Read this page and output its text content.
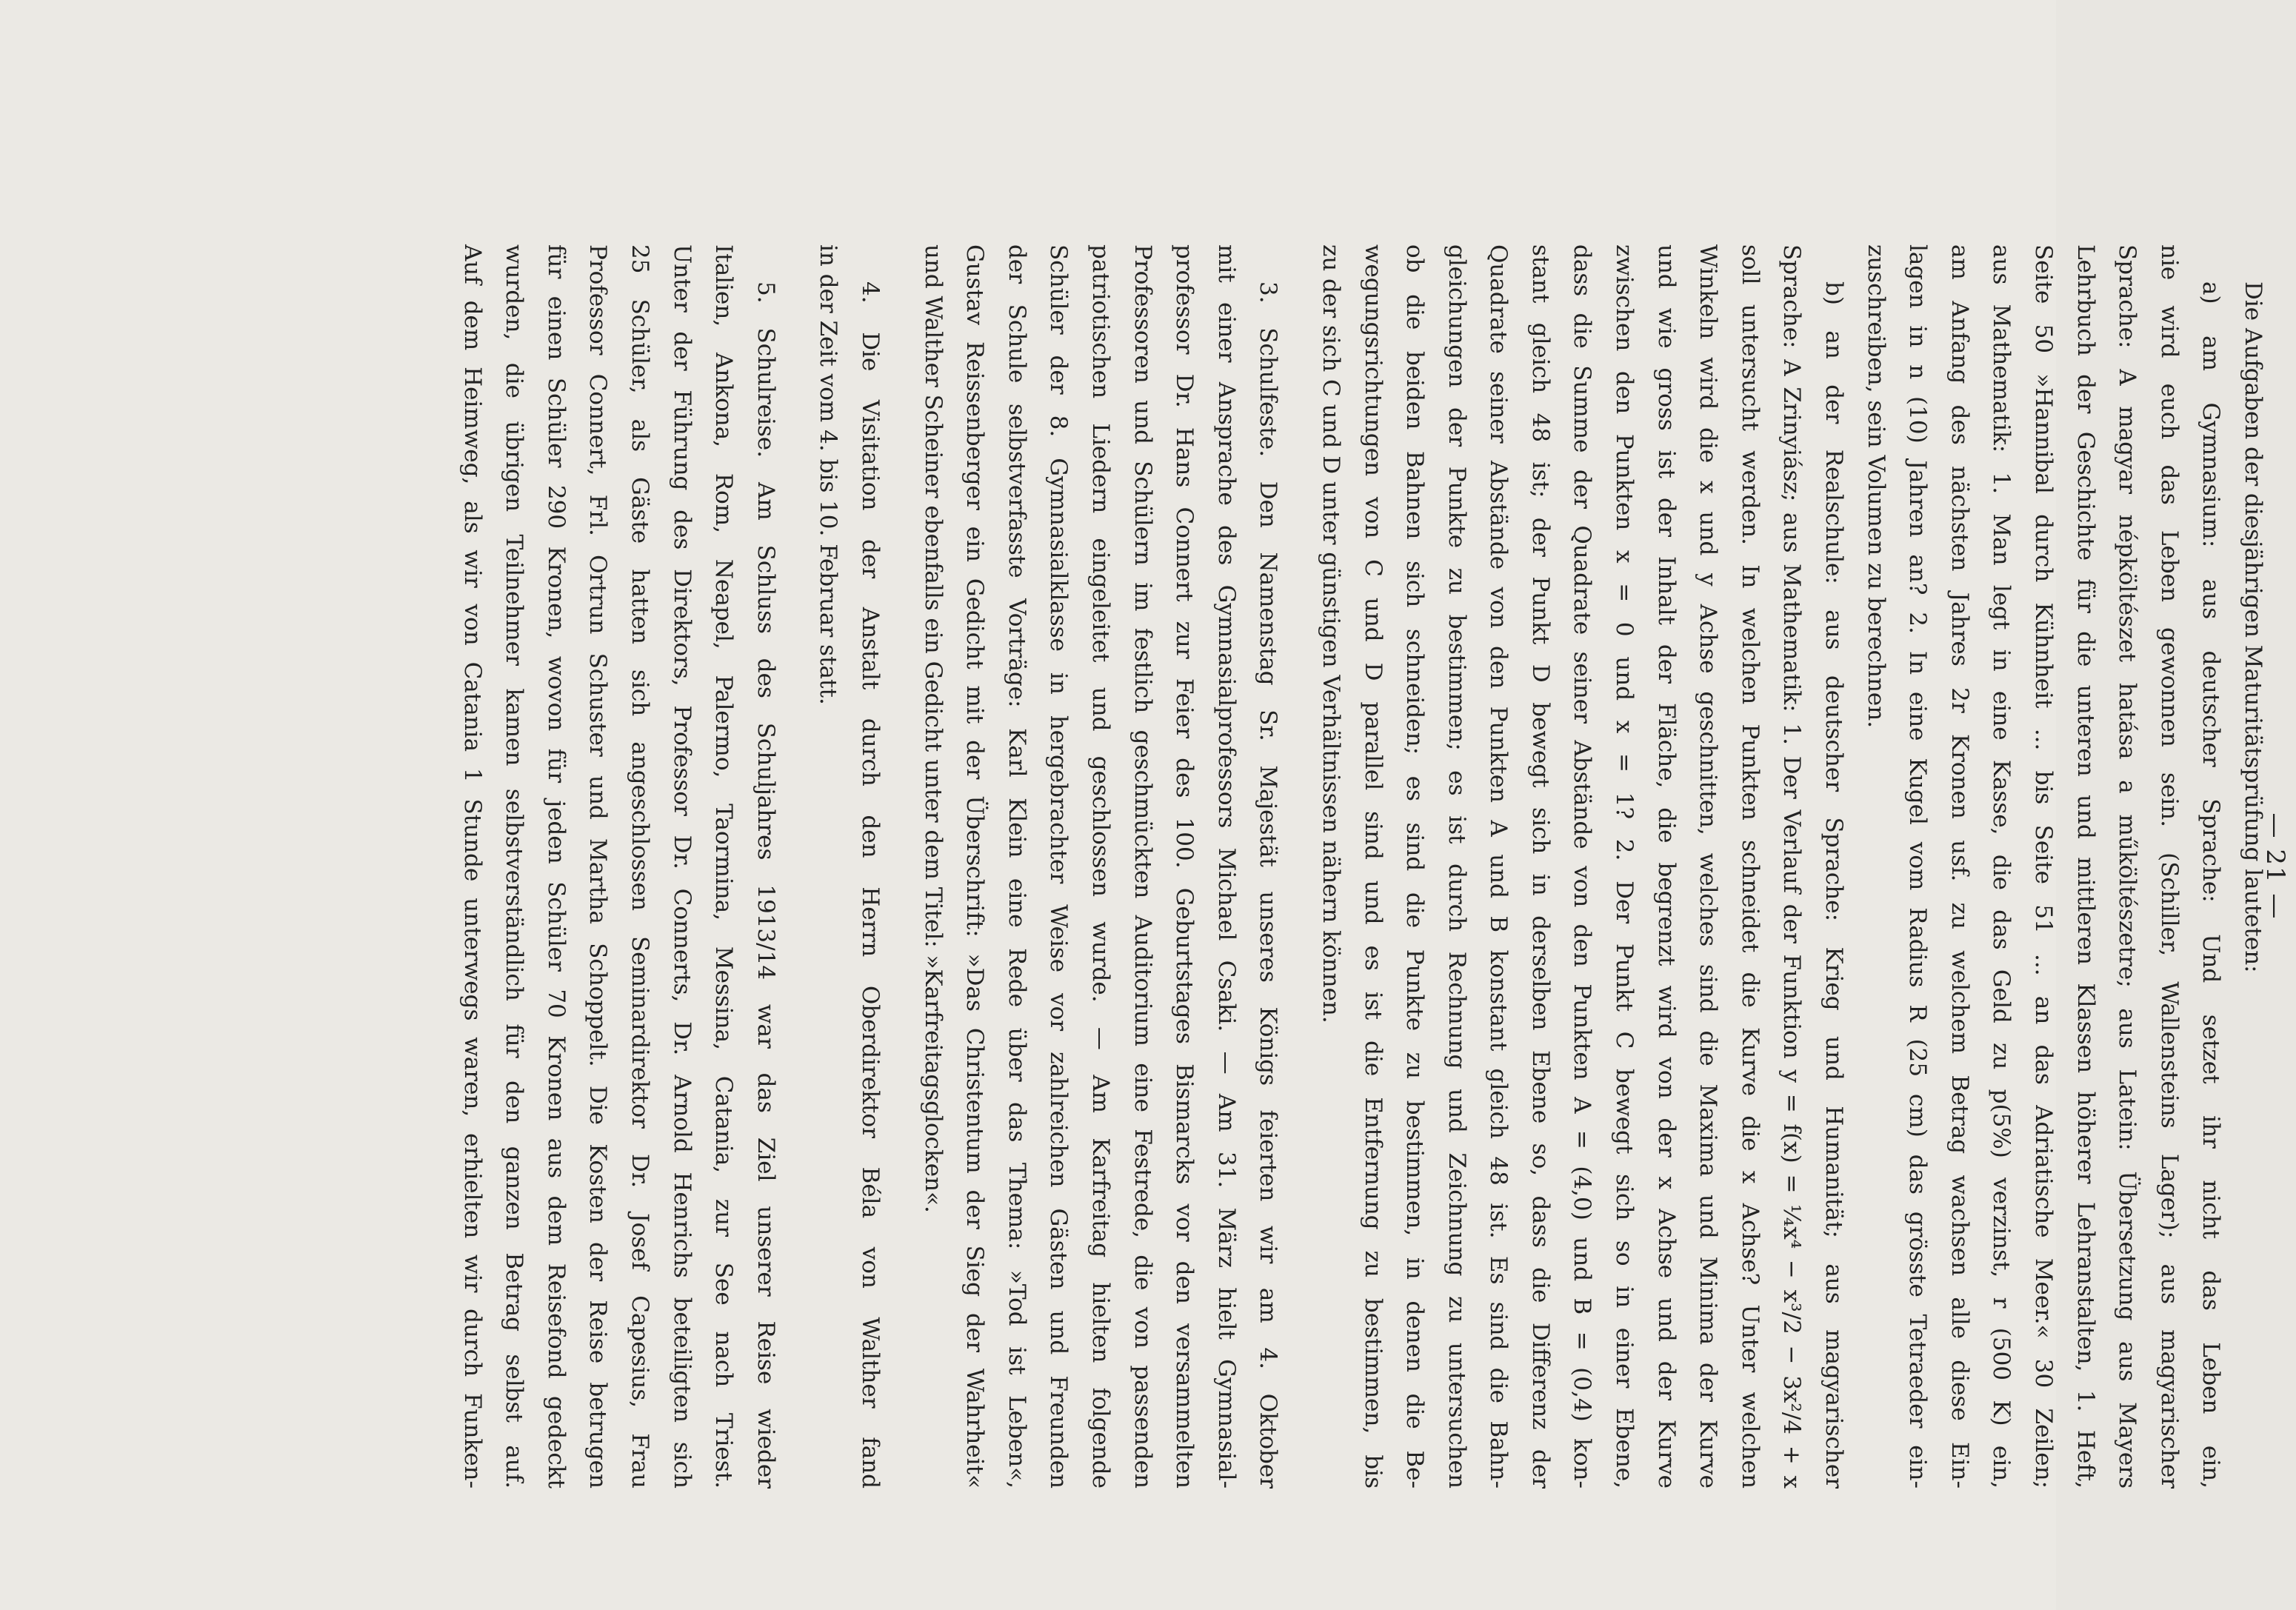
— 21 —
Die Aufgaben der diesjährigen Maturitätsprüfung lauteten:
a) am Gymnasium: aus deutscher Sprache: Und setzet ihr nicht das Leben ein,
nie wird euch das Leben gewonnen sein. (Schiller, Wallensteins Lager); aus magyarischer
Sprache: A magyar népköltészet hatása a műköltészetre; aus Latein: Übersetzung aus Mayers
Lehrbuch der Geschichte für die unteren und mittleren Klassen höherer Lehranstalten, 1. Heft,
Seite 50 »Hannibal durch Kühnheit ... bis Seite 51 ... an das Adriatische Meer.« 30 Zeilen;
aus Mathematik: 1. Man legt in eine Kasse, die das Geld zu p(5%) verzinst, r (500 K) ein,
am Anfang des nächsten Jahres 2r Kronen usf. zu welchem Betrag wachsen alle diese Ein-
lagen in n (10) Jahren an? 2. In eine Kugel vom Radius R (25 cm) das grösste Tetraeder ein-
zuschreiben, sein Volumen zu berechnen.
b) an der Realschule: aus deutscher Sprache: Krieg und Humanität; aus magyarischer
Sprache: A Zrinyiász; aus Mathematik: 1. Der Verlauf der Funktion y = f(x) = ¼x⁴ − x³/2 − 3x²/4 + x
soll untersucht werden. In welchen Punkten schneidet die Kurve die x Achse? Unter welchen
Winkeln wird die x und y Achse geschnitten, welches sind die Maxima und Minima der Kurve
und wie gross ist der Inhalt der Fläche, die begrenzt wird von der x Achse und der Kurve
zwischen den Punkten x = 0 und x = 1? 2. Der Punkt C bewegt sich so in einer Ebene,
dass die Summe der Quadrate seiner Abstände von den Punkten A = (4,0) und B = (0,4) kon-
stant gleich 48 ist; der Punkt D bewegt sich in derselben Ebene so, dass die Differenz der
Quadrate seiner Abstände von den Punkten A und B konstant gleich 48 ist. Es sind die Bahn-
gleichungen der Punkte zu bestimmen; es ist durch Rechnung und Zeichnung zu untersuchen
ob die beiden Bahnen sich schneiden; es sind die Punkte zu bestimmen, in denen die Be-
wegungsrichtungen von C und D parallel sind und es ist die Entfernung zu bestimmen, bis
zu der sich C und D unter günstigen Verhältnissen nähern können.
3. Schulfeste. Den Namenstag Sr. Majestät unseres Königs feierten wir am 4. Oktober
mit einer Ansprache des Gymnasialprofessors Michael Csaki. — Am 31. März hielt Gymnasial-
professor Dr. Hans Connert zur Feier des 100. Geburtstages Bismarcks vor den versammelten
Professoren und Schülern im festlich geschmückten Auditorium eine Festrede, die von passenden
patriotischen Liedern eingeleitet und geschlossen wurde. — Am Karfreitag hielten folgende
Schüler der 8. Gymnasialklasse in hergebrachter Weise vor zahlreichen Gästen und Freunden
der Schule selbstverfasste Vorträge: Karl Klein eine Rede über das Thema: »Tod ist Leben«,
Gustav Reissenberger ein Gedicht mit der Überschrift: »Das Christentum der Sieg der Wahrheit«
und Walther Scheiner ebenfalls ein Gedicht unter dem Titel: »Karfreitagsglocken«.
4. Die Visitation der Anstalt durch den Herrn Oberdirektor Béla von Walther fand
in der Zeit vom 4. bis 10. Februar statt.
5. Schulreise. Am Schluss des Schuljahres 1913/14 war das Ziel unserer Reise wieder
Italien, Ankona, Rom, Neapel, Palermo, Taormina, Messina, Catania, zur See nach Triest.
Unter der Führung des Direktors, Professor Dr. Connerts, Dr. Arnold Henrichs beteiligten sich
25 Schüler, als Gäste hatten sich angeschlossen Seminardirektor Dr. Josef Capesius, Frau
Professor Connert, Frl. Ortrun Schuster und Martha Schoppelt. Die Kosten der Reise betrugen
für einen Schüler 290 Kronen, wovon für jeden Schüler 70 Kronen aus dem Reisefond gedeckt
wurden, die übrigen Teilnehmer kamen selbstverständlich für den ganzen Betrag selbst auf.
Auf dem Heimweg, als wir von Catania 1 Stunde unterwegs waren, erhielten wir durch Funken-
